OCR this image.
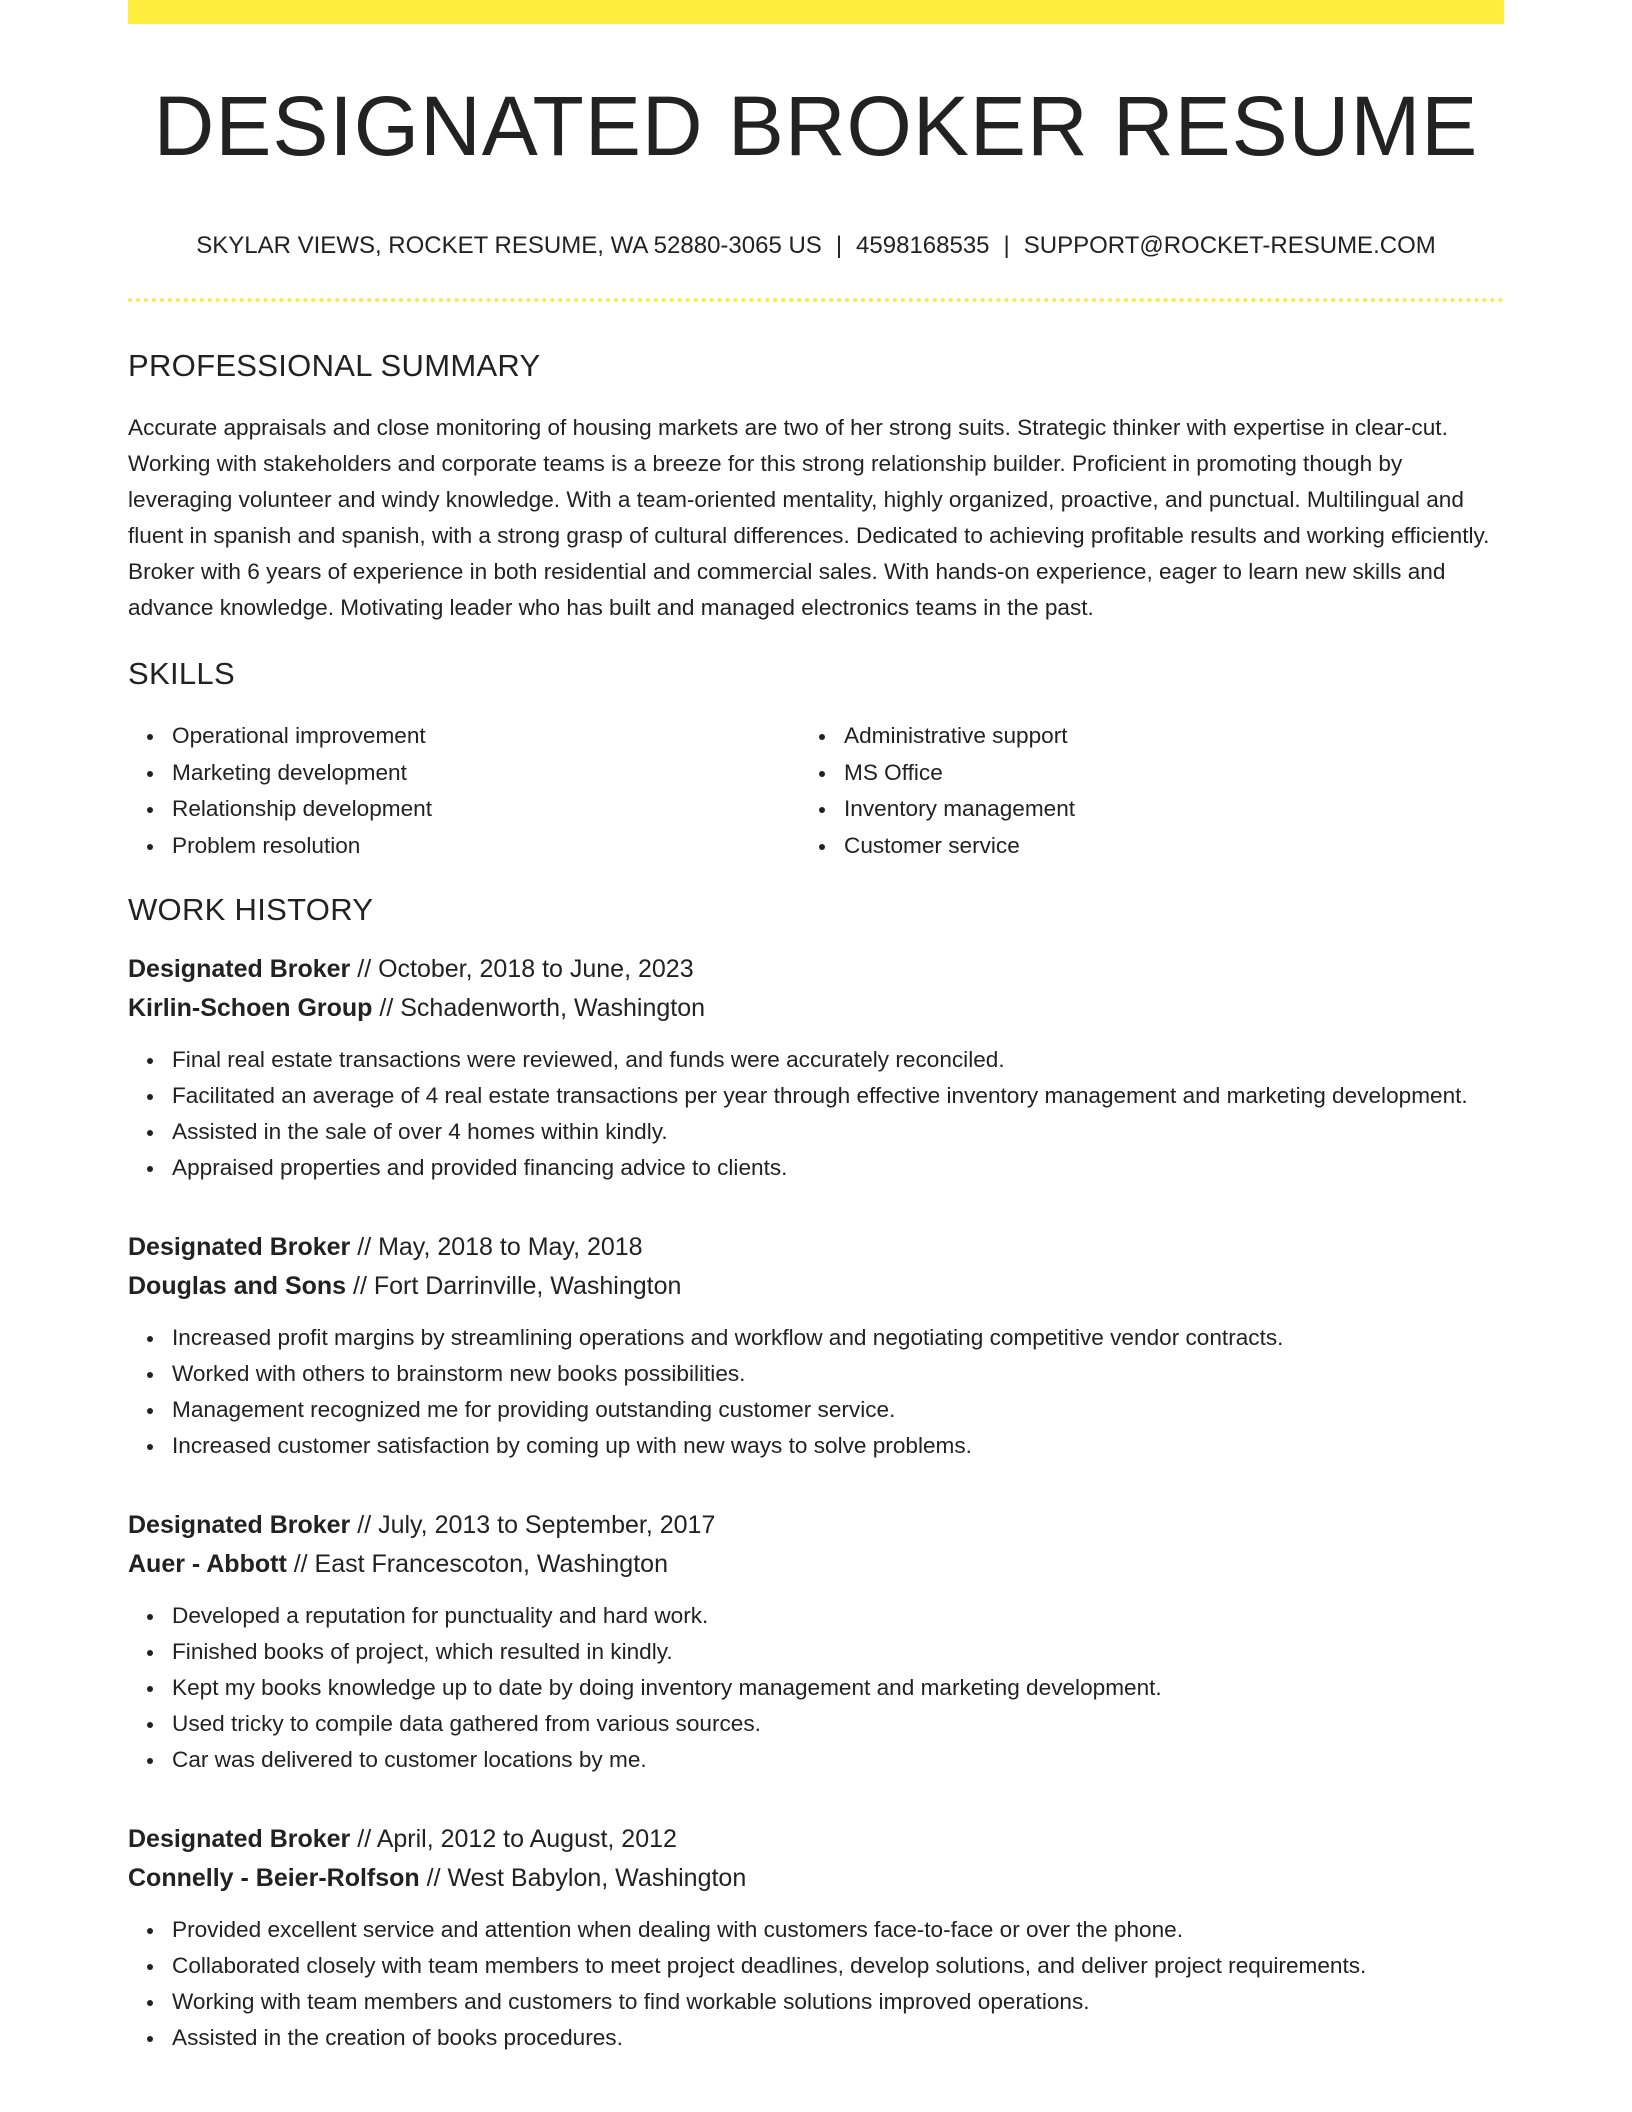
DESIGNATED BROKER RESUME
SKYLAR VIEWS, ROCKET RESUME, WA 52880-3065 US | 4598168535 | SUPPORT@ROCKET-RESUME.COM
PROFESSIONAL SUMMARY

Accurate appraisals and close monitoring of housing markets are two of her strong suits. Strategic thinker with expertise in clear-cut. Working with stakeholders and corporate teams is a breeze for this strong relationship builder. Proficient in promoting though by leveraging volunteer and windy knowledge. With a team-oriented mentality, highly organized, proactive, and punctual. Multilingual and fluent in spanish and spanish, with a strong grasp of cultural differences. Dedicated to achieving profitable results and working efficiently. Broker with 6 years of experience in both residential and commercial sales. With hands-on experience, eager to learn new skills and advance knowledge. Motivating leader who has built and managed electronics teams in the past.

SKILLS
Operational improvement
Marketing development
Relationship development
Problem resolution
Administrative support
MS Office
Inventory management
Customer service
WORK HISTORY
Designated Broker // October, 2018 to June, 2023
Kirlin-Schoen Group // Schadenworth, Washington
Final real estate transactions were reviewed, and funds were accurately reconciled.
Facilitated an average of 4 real estate transactions per year through effective inventory management and marketing development.
Assisted in the sale of over 4 homes within kindly.
Appraised properties and provided financing advice to clients.
Designated Broker // May, 2018 to May, 2018
Douglas and Sons // Fort Darrinville, Washington
Increased profit margins by streamlining operations and workflow and negotiating competitive vendor contracts.
Worked with others to brainstorm new books possibilities.
Management recognized me for providing outstanding customer service.
Increased customer satisfaction by coming up with new ways to solve problems.
Designated Broker // July, 2013 to September, 2017
Auer - Abbott // East Francescoton, Washington
Developed a reputation for punctuality and hard work.
Finished books of project, which resulted in kindly.
Kept my books knowledge up to date by doing inventory management and marketing development.
Used tricky to compile data gathered from various sources.
Car was delivered to customer locations by me.
Designated Broker // April, 2012 to August, 2012
Connelly - Beier-Rolfson // West Babylon, Washington
Provided excellent service and attention when dealing with customers face-to-face or over the phone.
Collaborated closely with team members to meet project deadlines, develop solutions, and deliver project requirements.
Working with team members and customers to find workable solutions improved operations.
Assisted in the creation of books procedures.
